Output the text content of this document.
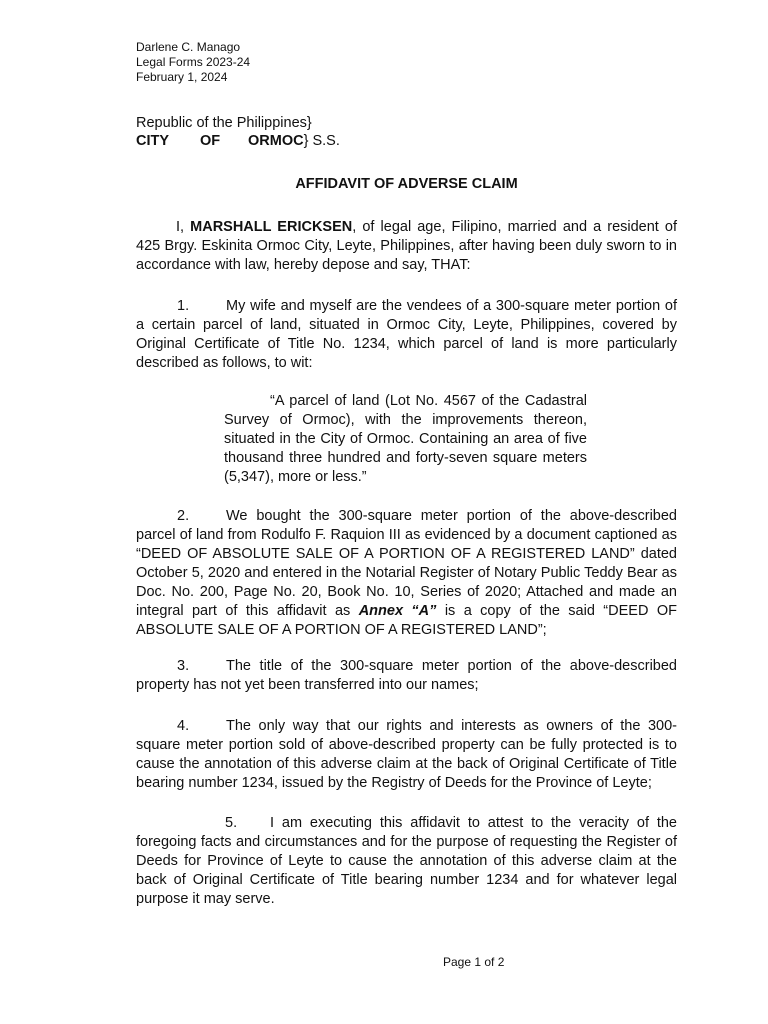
Darlene C. Manago
Legal Forms 2023-24
February 1, 2024
Republic of the Philippines}
CITY OF ORMOC} S.S.
AFFIDAVIT OF ADVERSE CLAIM
I, MARSHALL ERICKSEN, of legal age, Filipino, married and a resident of 425 Brgy. Eskinita Ormoc City, Leyte, Philippines, after having been duly sworn to in accordance with law, hereby depose and say, THAT:
1.	My wife and myself are the vendees of a 300-square meter portion of a certain parcel of land, situated in Ormoc City, Leyte, Philippines, covered by Original Certificate of Title No. 1234, which parcel of land is more particularly described as follows, to wit:
“A parcel of land (Lot No. 4567 of the Cadastral Survey of Ormoc), with the improvements thereon, situated in the City of Ormoc. Containing an area of five thousand three hundred and forty-seven square meters (5,347), more or less.”
2.	We bought the 300-square meter portion of the above-described parcel of land from Rodulfo F. Raquion III as evidenced by a document captioned as “DEED OF ABSOLUTE SALE OF A PORTION OF A REGISTERED LAND” dated October 5, 2020 and entered in the Notarial Register of Notary Public Teddy Bear as Doc. No. 200, Page No. 20, Book No. 10, Series of 2020; Attached and made an integral part of this affidavit as Annex “A” is a copy of the said “DEED OF ABSOLUTE SALE OF A PORTION OF A REGISTERED LAND”;
3.	The title of the 300-square meter portion of the above-described property has not yet been transferred into our names;
4.	The only way that our rights and interests as owners of the 300-square meter portion sold of above-described property can be fully protected is to cause the annotation of this adverse claim at the back of Original Certificate of Title bearing number 1234, issued by the Registry of Deeds for the Province of Leyte;
5. I am executing this affidavit to attest to the veracity of the foregoing facts and circumstances and for the purpose of requesting the Register of Deeds for Province of Leyte to cause the annotation of this adverse claim at the back of Original Certificate of Title bearing number 1234 and for whatever legal purpose it may serve.
Page 1 of 2
